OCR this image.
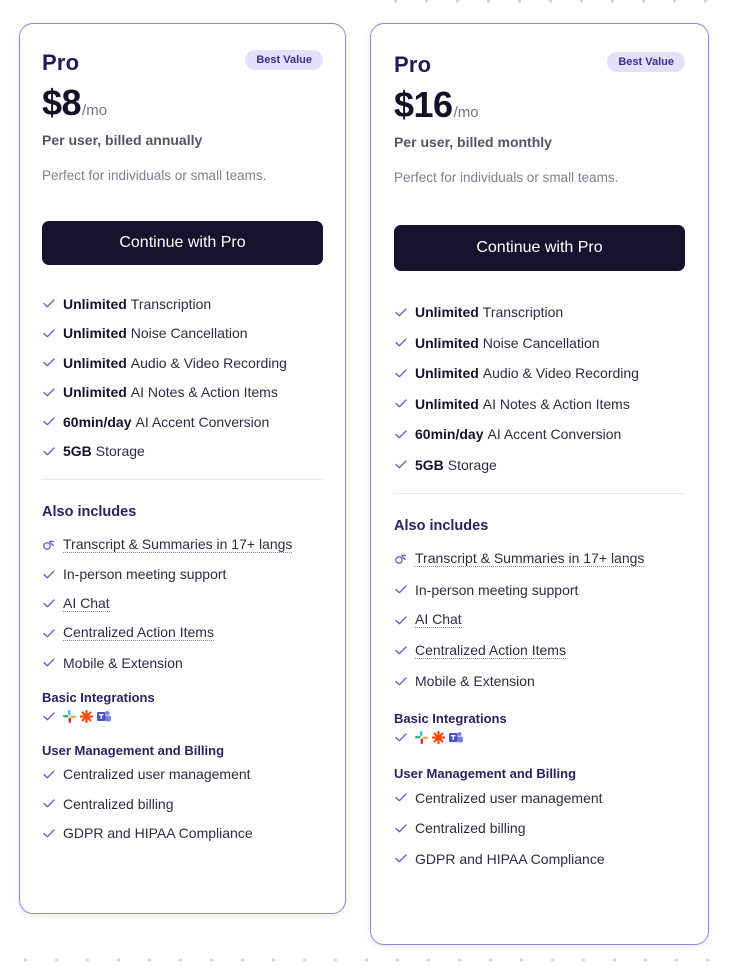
Pro	Best Value
$8 /mo
Per user, billed annually
Perfect for individuals or small teams.
Continue with Pro
Unlimited Transcription
Unlimited Noise Cancellation
Unlimited Audio & Video Recording
Unlimited AI Notes & Action Items
60min/day AI Accent Conversion
5GB Storage
Also includes
Transcript & Summaries in 17+ langs
In-person meeting support
AI Chat
Centralized Action Items
Mobile & Extension
Basic Integrations
User Management and Billing
Centralized user management
Centralized billing
GDPR and HIPAA Compliance
Pro	Best Value
$16 /mo
Per user, billed monthly
Perfect for individuals or small teams.
Continue with Pro
Unlimited Transcription
Unlimited Noise Cancellation
Unlimited Audio & Video Recording
Unlimited AI Notes & Action Items
60min/day AI Accent Conversion
5GB Storage
Also includes
Transcript & Summaries in 17+ langs
In-person meeting support
AI Chat
Centralized Action Items
Mobile & Extension
Basic Integrations
User Management and Billing
Centralized user management
Centralized billing
GDPR and HIPAA Compliance
